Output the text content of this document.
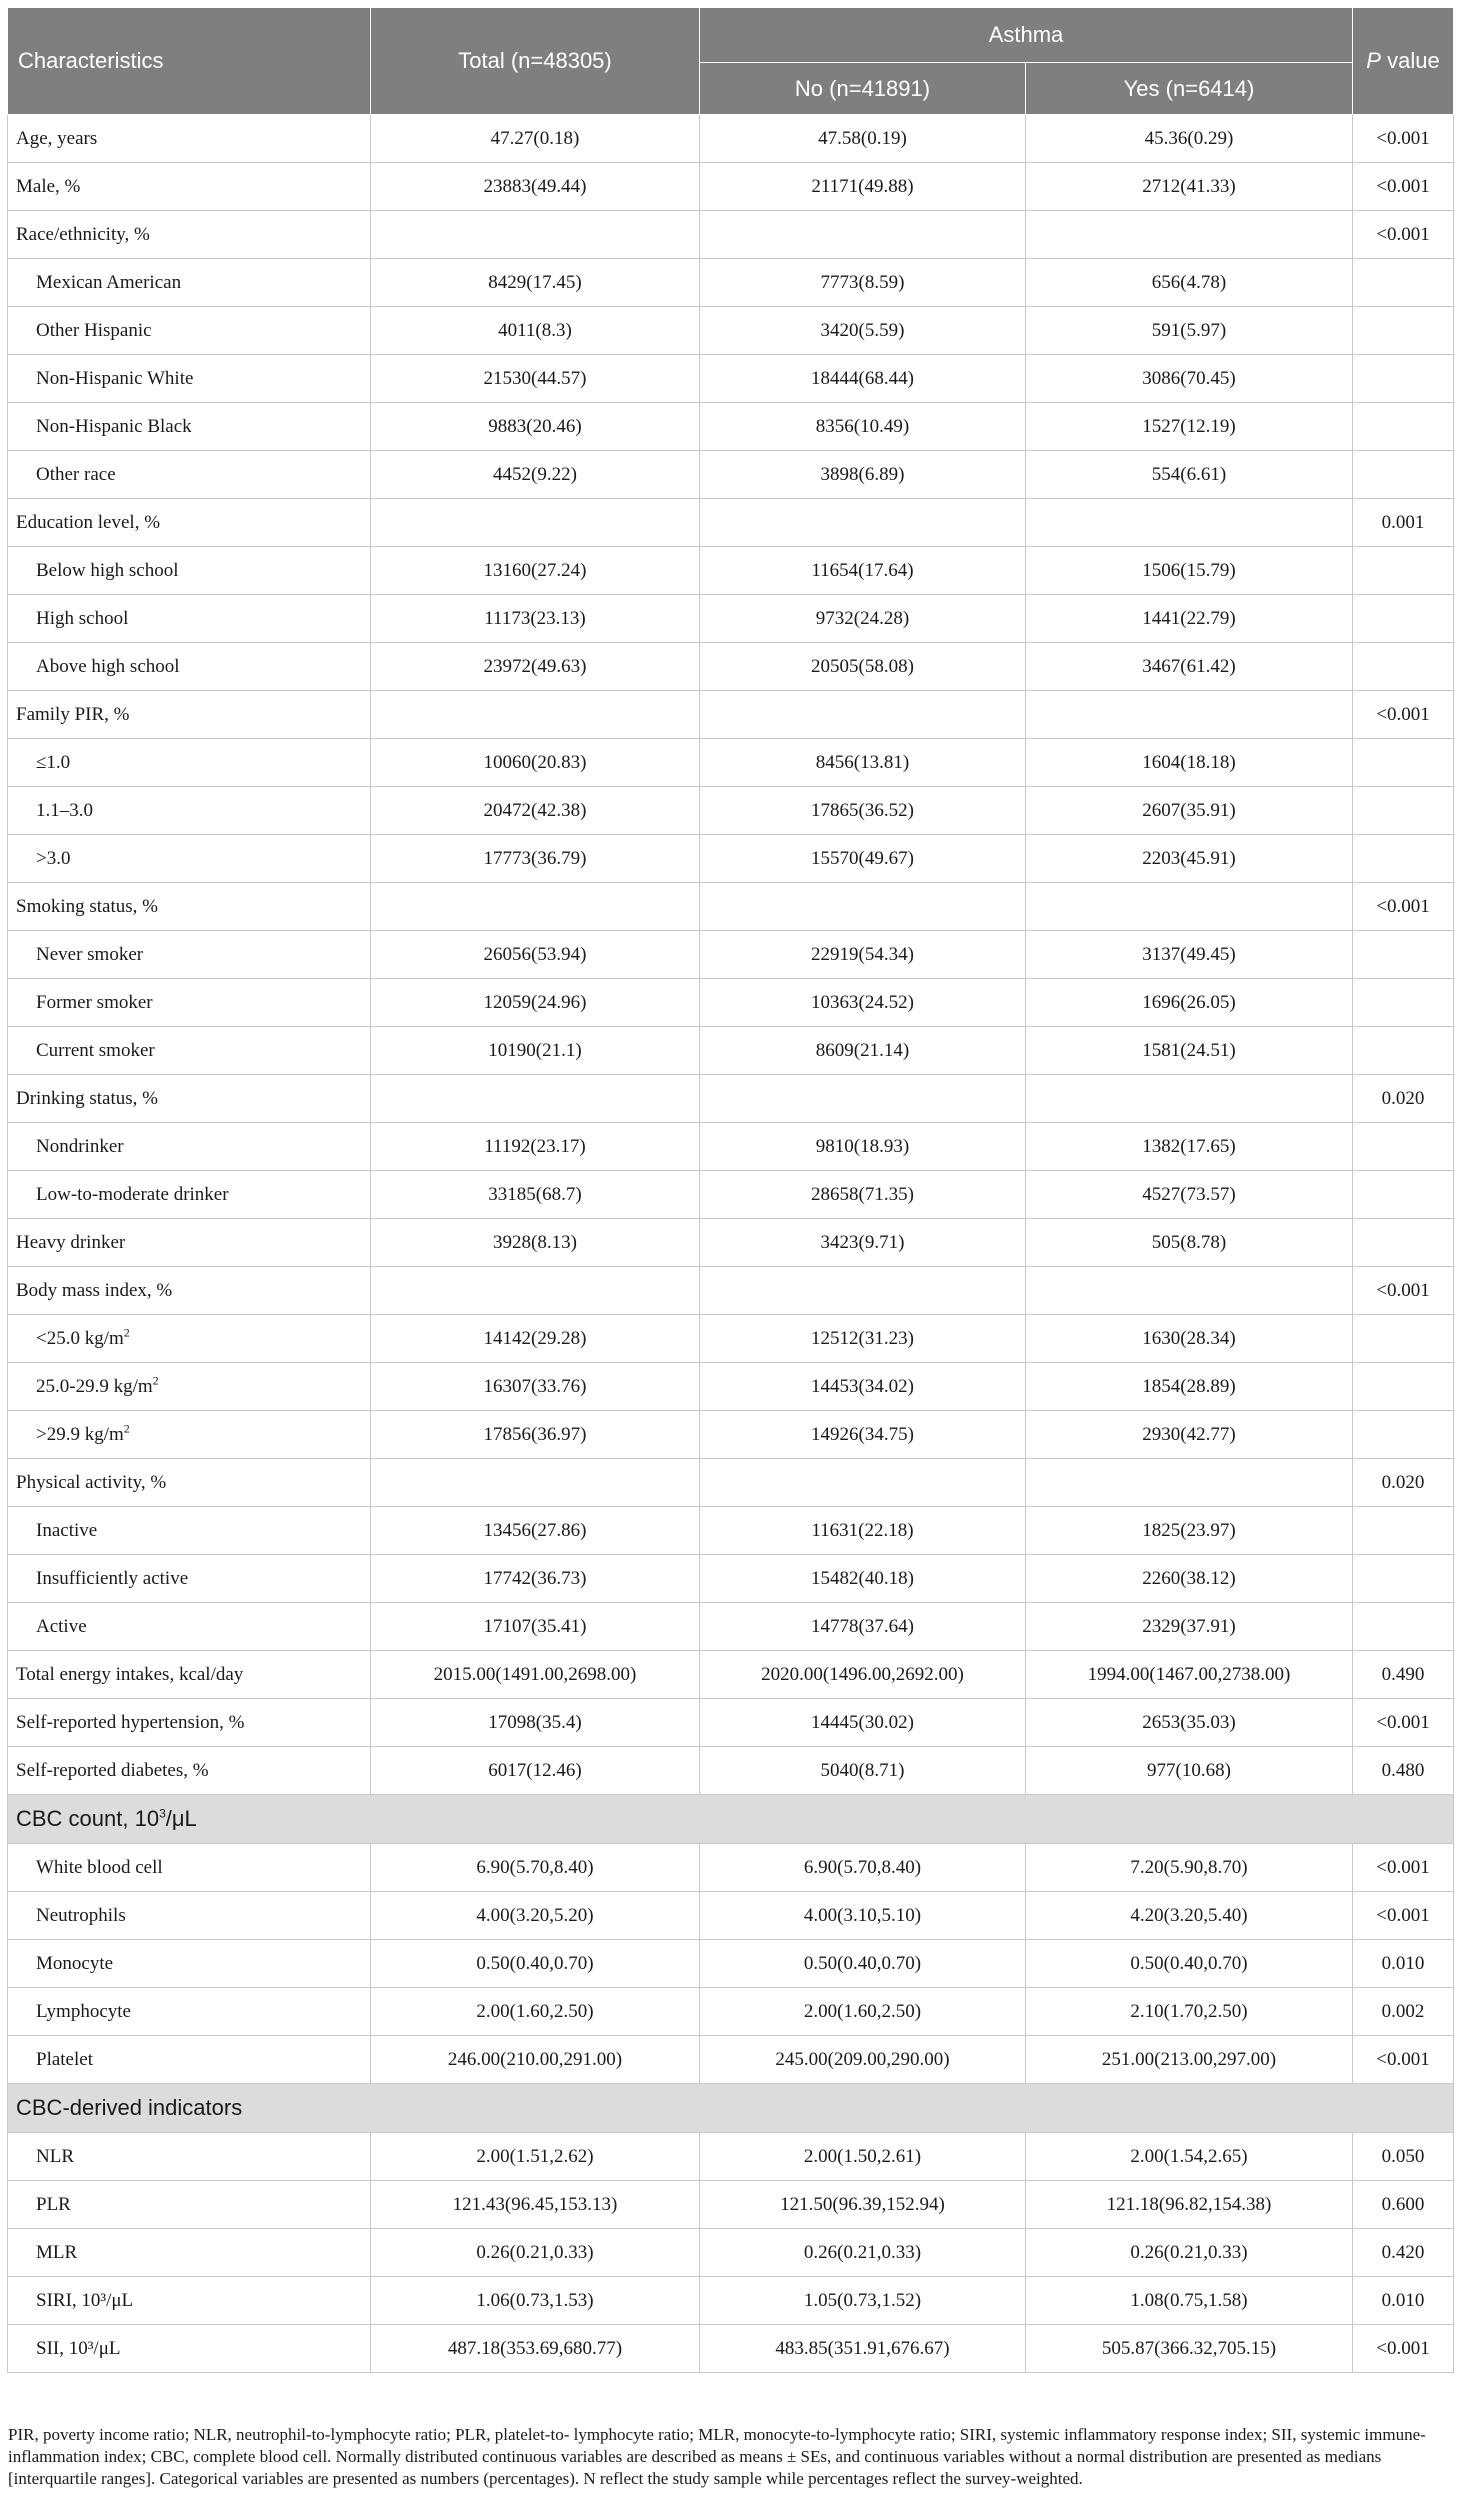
Characteristics	Total (n=48305)	Asthma		P value
		No (n=41891)	Yes (n=6414)	
Age, years	47.27(0.18)	47.58(0.19)	45.36(0.29)	<0.001
Male, %	23883(49.44)	21171(49.88)	2712(41.33)	<0.001
Race/ethnicity, %				<0.001
Mexican American	8429(17.45)	7773(8.59)	656(4.78)	
Other Hispanic	4011(8.3)	3420(5.59)	591(5.97)	
Non-Hispanic White	21530(44.57)	18444(68.44)	3086(70.45)	
Non-Hispanic Black	9883(20.46)	8356(10.49)	1527(12.19)	
Other race	4452(9.22)	3898(6.89)	554(6.61)	
Education level, %				0.001
Below high school	13160(27.24)	11654(17.64)	1506(15.79)	
High school	11173(23.13)	9732(24.28)	1441(22.79)	
Above high school	23972(49.63)	20505(58.08)	3467(61.42)	
Family PIR, %				<0.001
≤1.0	10060(20.83)	8456(13.81)	1604(18.18)	
1.1–3.0	20472(42.38)	17865(36.52)	2607(35.91)	
>3.0	17773(36.79)	15570(49.67)	2203(45.91)	
Smoking status, %				<0.001
Never smoker	26056(53.94)	22919(54.34)	3137(49.45)	
Former smoker	12059(24.96)	10363(24.52)	1696(26.05)	
Current smoker	10190(21.1)	8609(21.14)	1581(24.51)	
Drinking status, %				0.020
Nondrinker	11192(23.17)	9810(18.93)	1382(17.65)	
Low-to-moderate drinker	33185(68.7)	28658(71.35)	4527(73.57)	
Heavy drinker	3928(8.13)	3423(9.71)	505(8.78)	
Body mass index, %				<0.001
<25.0 $kg/m^2$	14142(29.28)	12512(31.23)	1630(28.34)	
25.0-29.9 $kg/m^2$	16307(33.76)	14453(34.02)	1854(28.89)	
>29.9 $kg/m^2$	17856(36.97)	14926(34.75)	2930(42.77)	
Physical activity, %				0.020
Inactive	13456(27.86)	11631(22.18)	1825(23.97)	
Insufficiently active	17742(36.73)	15482(40.18)	2260(38.12)	
Active	17107(35.41)	14778(37.64)	2329(37.91)	
Total energy intakes, kcal/day	2015.00(1491.00,2698.00)	2020.00(1496.00,2692.00)	1994.00(1467.00,2738.00)	0.490
Self-reported hypertension, %	17098(35.4)	14445(30.02)	2653(35.03)	<0.001
Self-reported diabetes, %	6017(12.46)	5040(8.71)	977(10.68)	0.480
CBC count, $10^3/\mu L$				
White blood cell	6.90(5.70,8.40)	6.90(5.70,8.40)	7.20(5.90,8.70)	<0.001
Neutrophils	4.00(3.20,5.20)	4.00(3.10,5.10)	4.20(3.20,5.40)	<0.001
Monocyte	0.50(0.40,0.70)	0.50(0.40,0.70)	0.50(0.40,0.70)	0.010
Lymphocyte	2.00(1.60,2.50)	2.00(1.60,2.50)	2.10(1.70,2.50)	0.002
Platelet	246.00(210.00,291.00)	245.00(209.00,290.00)	251.00(213.00,297.00)	<0.001
CBC-derived indicators				
NLR	2.00(1.51,2.62)	2.00(1.50,2.61)	2.00(1.54,2.65)	0.050
PLR	121.43(96.45,153.13)	121.50(96.39,152.94)	121.18(96.82,154.38)	0.600
MLR	0.26(0.21,0.33)	0.26(0.21,0.33)	0.26(0.21,0.33)	0.420
SIRI, 10³/μL	1.06(0.73,1.53)	1.05(0.73,1.52)	1.08(0.75,1.58)	0.010
SII, 10³/μL	487.18(353.69,680.77)	483.85(351.91,676.67)	505.87(366.32,705.15)	<0.001
PIR, poverty income ratio; NLR, neutrophil-to-lymphocyte ratio; PLR, platelet-to- lymphocyte ratio; MLR, monocyte-to-lymphocyte ratio; SIRI, systemic inflammatory response index; SII, systemic immune-inflammation index; CBC, complete blood cell. Normally distributed continuous variables are described as means ± SEs, and continuous variables without a normal distribution are presented as medians [interquartile ranges]. Categorical variables are presented as numbers (percentages). N reflect the study sample while percentages reflect the survey-weighted.
